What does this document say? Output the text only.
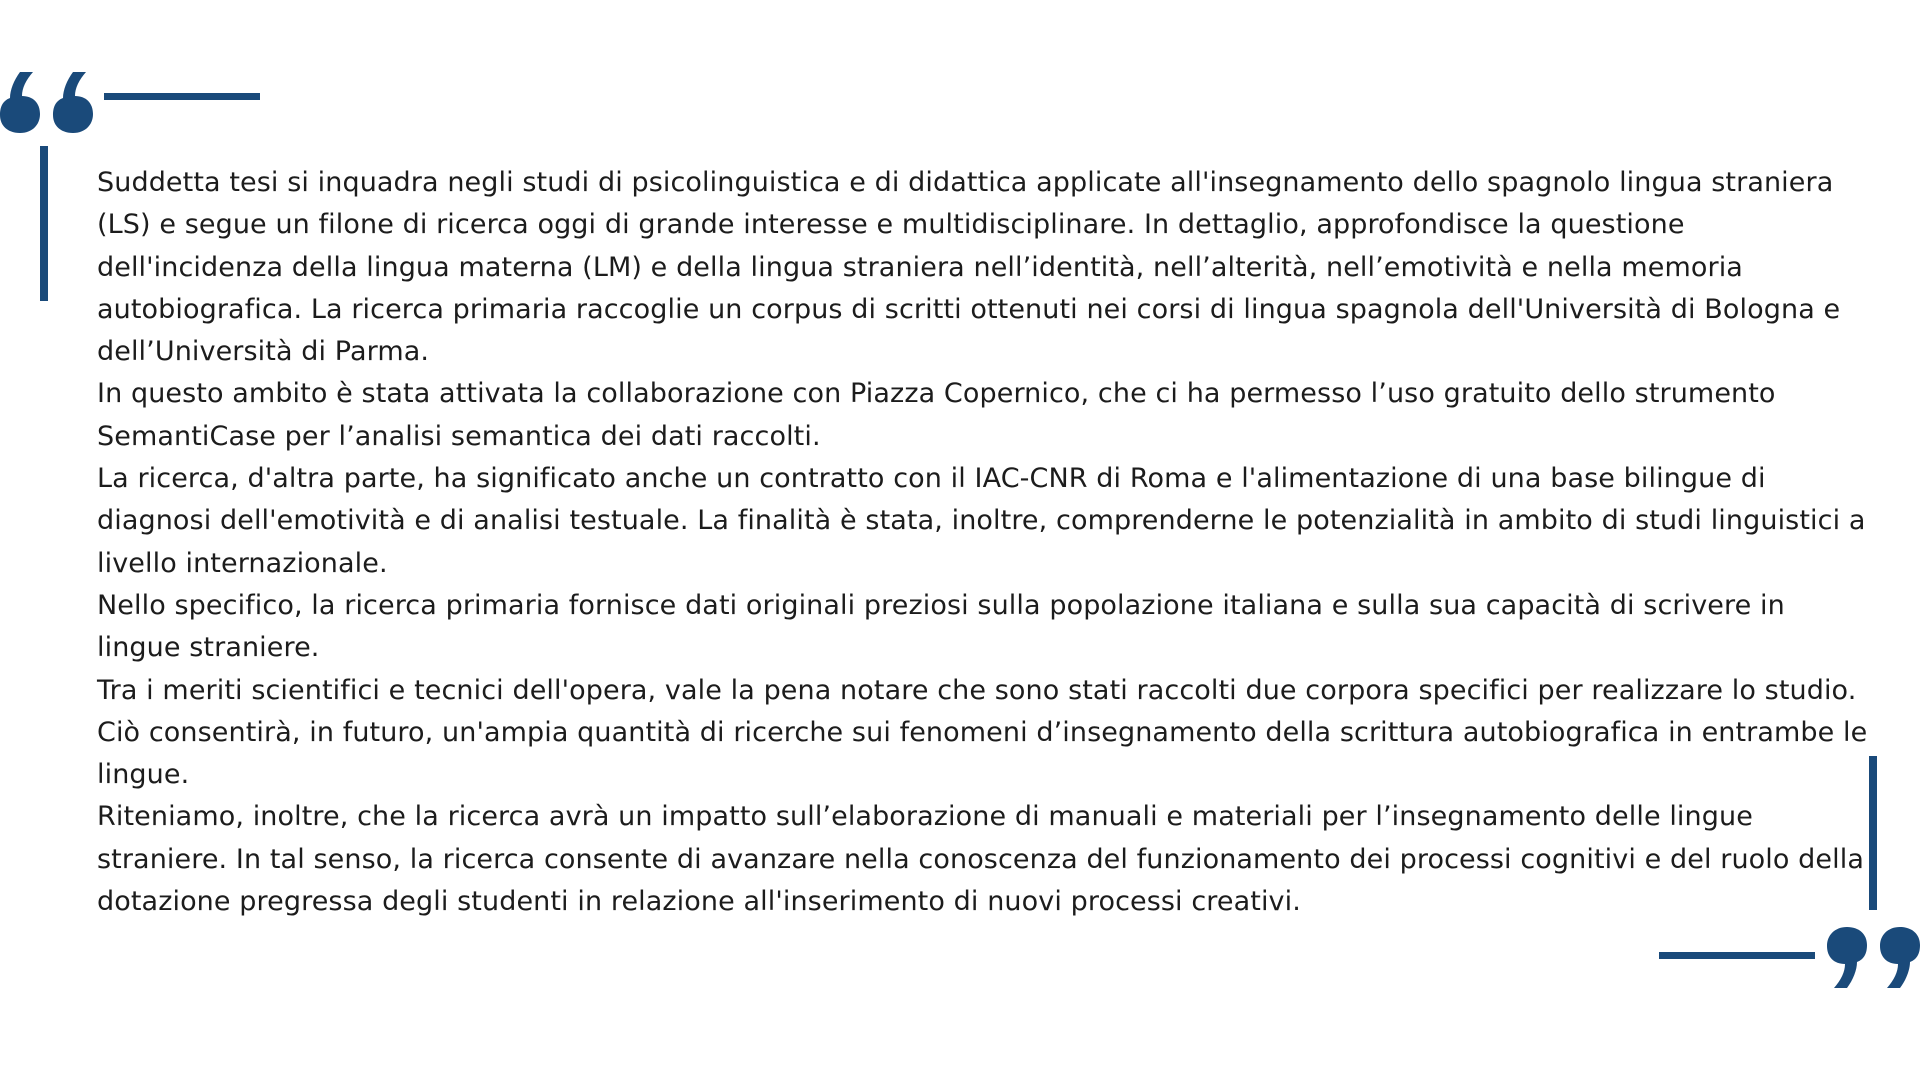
Suddetta tesi si inquadra negli studi di psicolinguistica e di didattica applicate all'insegnamento dello spagnolo lingua straniera (LS) e segue un filone di ricerca oggi di grande interesse e multidisciplinare. In dettaglio, approfondisce la questione dell'incidenza della lingua materna (LM) e della lingua straniera nell’identità, nell’alterità, nell’emotività e nella memoria autobiografica. La ricerca primaria raccoglie un corpus di scritti ottenuti nei corsi di lingua spagnola dell'Università di Bologna e dell’Università di Parma.

In questo ambito è stata attivata la collaborazione con Piazza Copernico, che ci ha permesso l’uso gratuito dello strumento SemantiCase per l’analisi semantica dei dati raccolti.

La ricerca, d'altra parte, ha significato anche un contratto con il IAC-CNR di Roma e l'alimentazione di una base bilingue di diagnosi dell'emotività e di analisi testuale. La finalità è stata, inoltre, comprenderne le potenzialità in ambito di studi linguistici a livello internazionale.

Nello specifico, la ricerca primaria fornisce dati originali preziosi sulla popolazione italiana e sulla sua capacità di scrivere in lingue straniere.

Tra i meriti scientifici e tecnici dell'opera, vale la pena notare che sono stati raccolti due corpora specifici per realizzare lo studio. Ciò consentirà, in futuro, un'ampia quantità di ricerche sui fenomeni d’insegnamento della scrittura autobiografica in entrambe le lingue.

Riteniamo, inoltre, che la ricerca avrà un impatto sull’elaborazione di manuali e materiali per l’insegnamento delle lingue straniere. In tal senso, la ricerca consente di avanzare nella conoscenza del funzionamento dei processi cognitivi e del ruolo della dotazione pregressa degli studenti in relazione all'inserimento di nuovi processi creativi.
